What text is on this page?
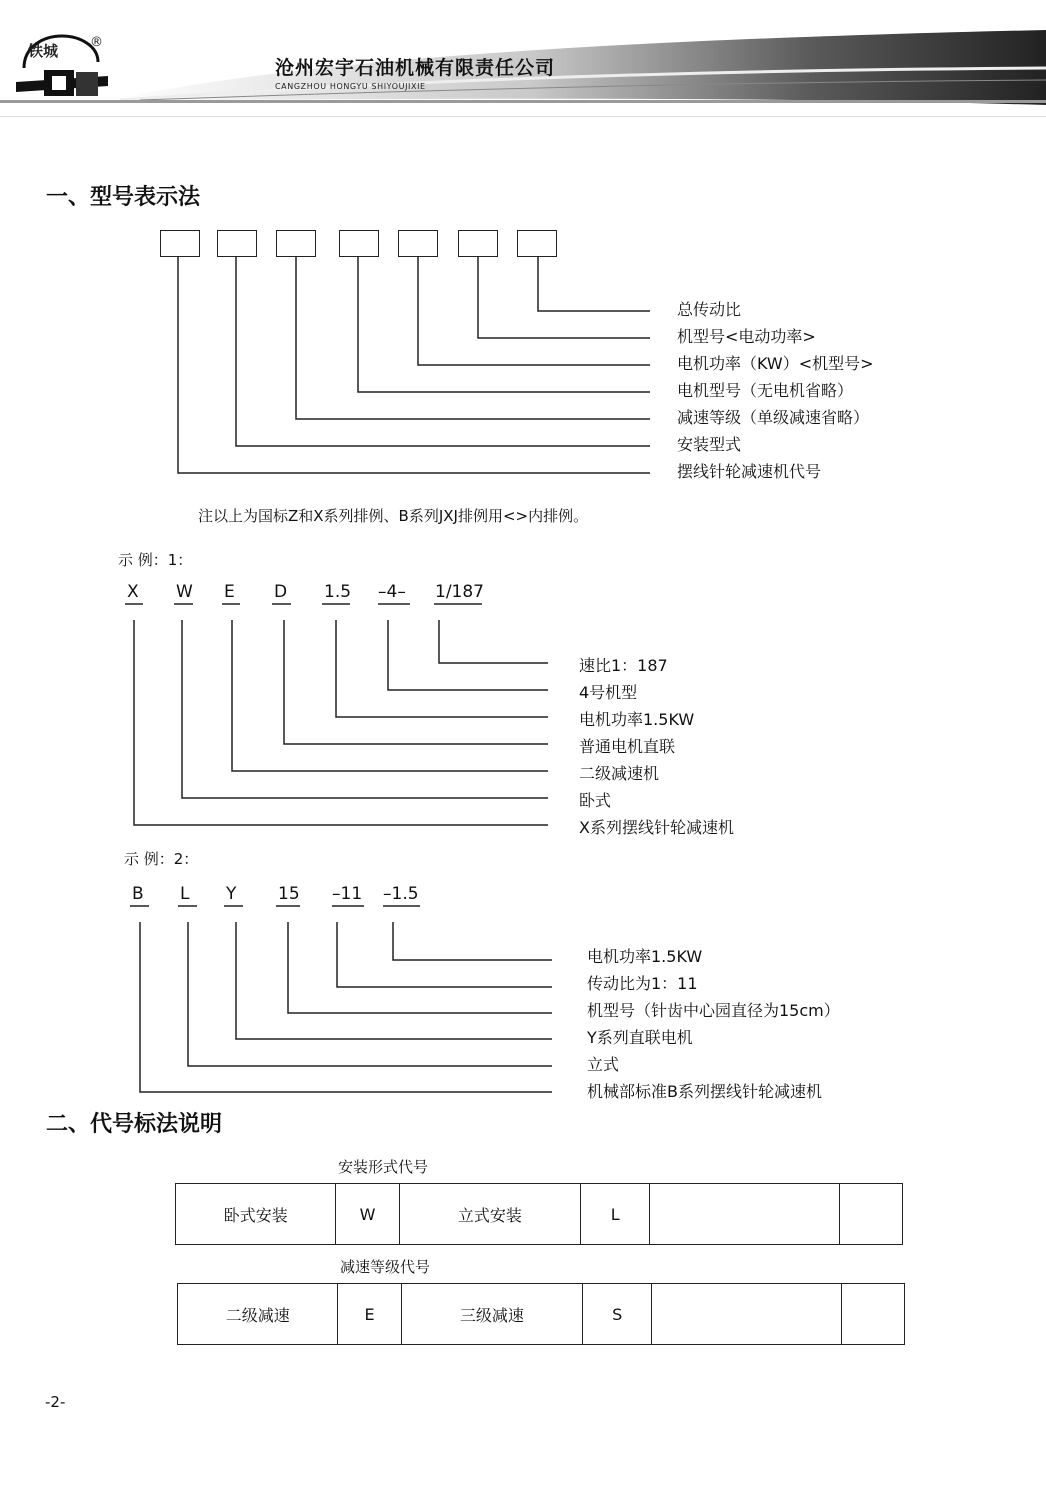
铁城 ®
沧州宏宇石油机械有限责任公司
CANGZHOU HONGYU SHIYOUJIXIE
一、型号表示法
总传动比
机型号<电动功率>
电机功率（KW）<机型号>
电机型号（无电机省略）
减速等级（单级减速省略）
安装型式
摆线针轮减速机代号
注以上为国标Z和X系列排例、B系列JXJ排例用<>内排例。
示 例：1：
X W E D 1.5 –4– 1/187
速比1：187
4号机型
电机功率1.5KW
普通电机直联
二级减速机
卧式
X系列摆线针轮减速机
示 例：2：
B L Y 15 –11 –1.5
电机功率1.5KW
传动比为1：11
机型号（针齿中心园直径为15cm）
Y系列直联电机
立式
机械部标准B系列摆线针轮减速机
二、代号标法说明
安装形式代号
卧式安装	W	立式安装	L		
减速等级代号
二级减速	E	三级减速	S		
-2-
